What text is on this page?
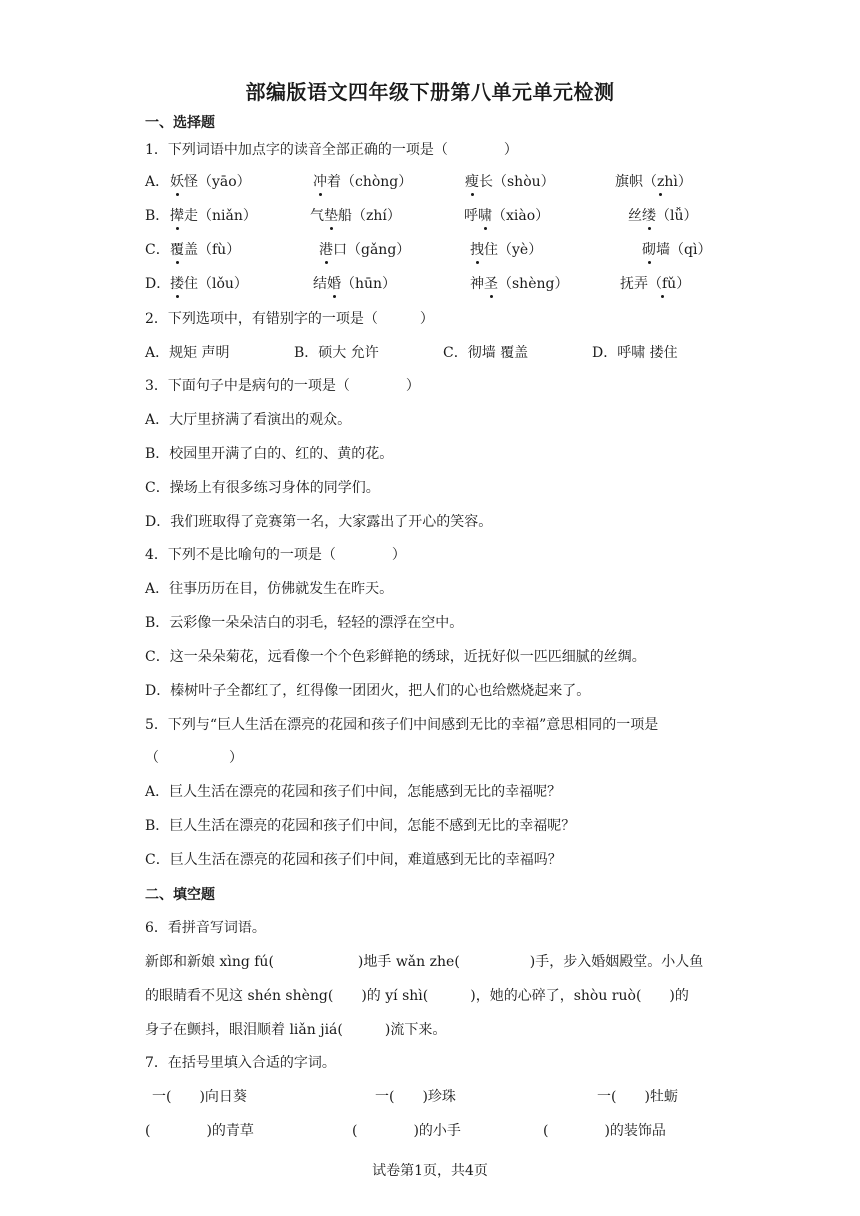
部编版语文四年级下册第八单元单元检测
一、选择题
1．下列词语中加点字的读音全部正确的一项是（　　　　）
A． 妖怪（yāo）	冲着（chòng）	瘦长（shòu）	旗帜（zhì）
B． 撵走（niǎn）	气垫船（zhí）	呼啸（xiào）	丝缕（lǚ）
C． 覆盖（fù）	港口（gǎng）	拽住（yè）	砌墙（qì）
D． 搂住（lǒu）	结婚（hūn）	神圣（shèng）	抚弄（fǔ）
2．下列选项中，有错别字的一项是（　　　）
A．规矩 声明	B．硕大 允许	C．彻墙 覆盖	D．呼啸 搂住
3．下面句子中是病句的一项是（　　　　）
A．大厅里挤满了看演出的观众。
B．校园里开满了白的、红的、黄的花。
C．操场上有很多练习身体的同学们。
D．我们班取得了竞赛第一名，大家露出了开心的笑容。
4．下列不是比喻句的一项是（　　　　）
A．往事历历在目，仿佛就发生在昨天。
B．云彩像一朵朵洁白的羽毛，轻轻的漂浮在空中。
C．这一朵朵菊花，远看像一个个色彩鲜艳的绣球，近抚好似一匹匹细腻的丝绸。
D．榛树叶子全都红了，红得像一团团火，把人们的心也给燃烧起来了。
5．下列与“巨人生活在漂亮的花园和孩子们中间感到无比的幸福”意思相同的一项是
（　　　　　）
A．巨人生活在漂亮的花园和孩子们中间，怎能感到无比的幸福呢？
B．巨人生活在漂亮的花园和孩子们中间，怎能不感到无比的幸福呢？
C．巨人生活在漂亮的花园和孩子们中间，难道感到无比的幸福吗？
二、填空题
6．看拼音写词语。
新郎和新娘 xìng fú(　　　　　　)地手 wǎn zhe(　　　　　)手，步入婚姻殿堂。小人鱼
的眼睛看不见这 shén shèng(　　)的 yí shì(　　　)，她的心碎了，shòu ruò(　　)的
身子在颤抖，眼泪顺着 liǎn jiá(　　　)流下来。
7．在括号里填入合适的字词。
一(　　)向日葵	一(　　)珍珠	一(　　)牡蛎
(　　　　)的青草	(　　　　)的小手	(　　　　)的装饰品
试卷第1页，共4页
